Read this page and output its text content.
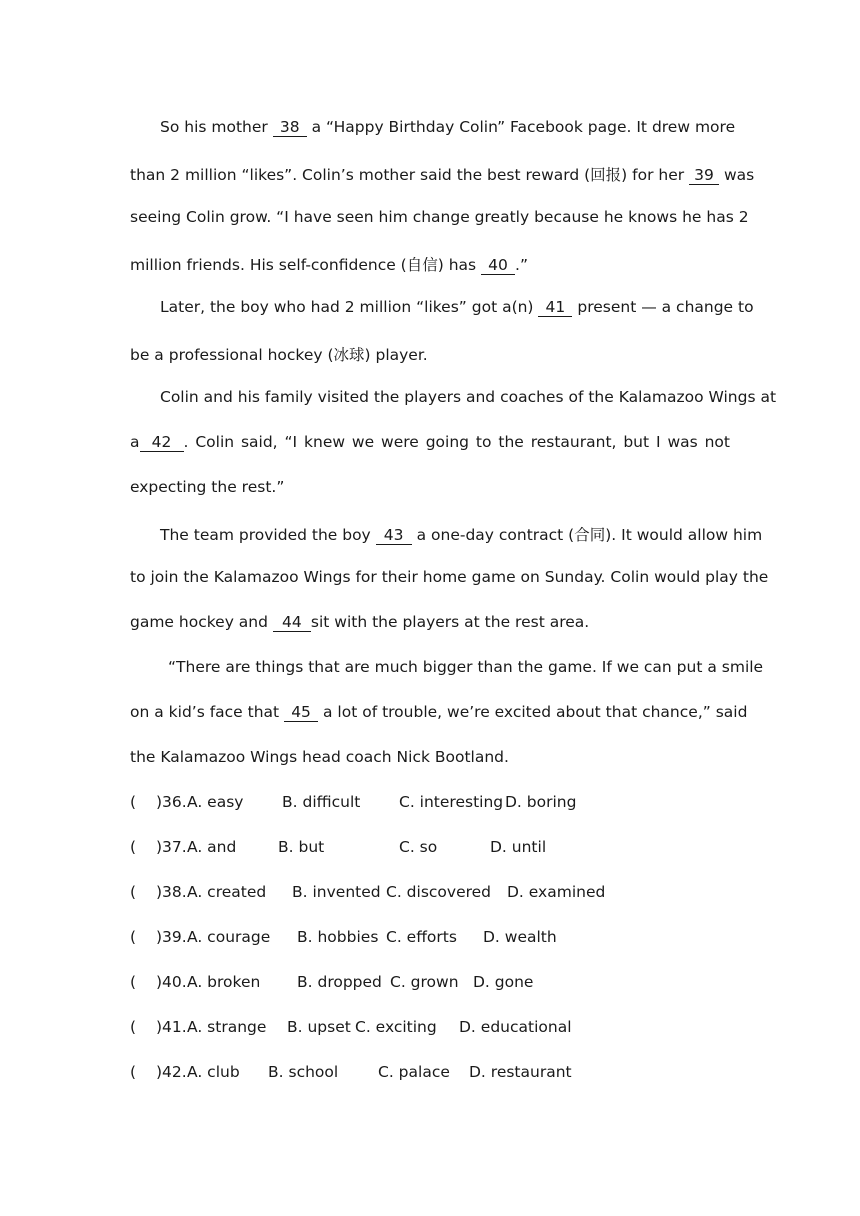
So his mother 38 a “Happy Birthday Colin” Facebook page. It drew more
than 2 million “likes”. Colin’s mother said the best reward (回报) for her 39 was
seeing Colin grow. “I have seen him change greatly because he knows he has 2
million friends. His self-confidence (自信) has 40 .”
Later, the boy who had 2 million “likes” got a(n) 41 present — a change to
be a professional hockey (冰球) player.
Colin and his family visited the players and coaches of the Kalamazoo Wings at
a 42 . Colin said, “I knew we were going to the restaurant, but I was not
expecting the rest.”
The team provided the boy 43 a one-day contract (合同). It would allow him
to join the Kalamazoo Wings for their home game on Sunday. Colin would play the
game hockey and 44 sit with the players at the rest area.
“There are things that are much bigger than the game. If we can put a smile
on a kid’s face that 45 a lot of trouble, we’re excited about that chance,” said
the Kalamazoo Wings head coach Nick Bootland.
( )36. A. easy B. difficult C. interesting D. boring
( )37. A. and	B. but	C. so	D. until
( )38. A. created B. invented C. discovered D. examined
( )39. A. courage B. hobbies C. efforts D. wealth
( )40. A. broken B. dropped C. grown D. gone
( )41. A. strange B. upset C. exciting D. educational
( )42. A. club B. school	C. palace D. restaurant
